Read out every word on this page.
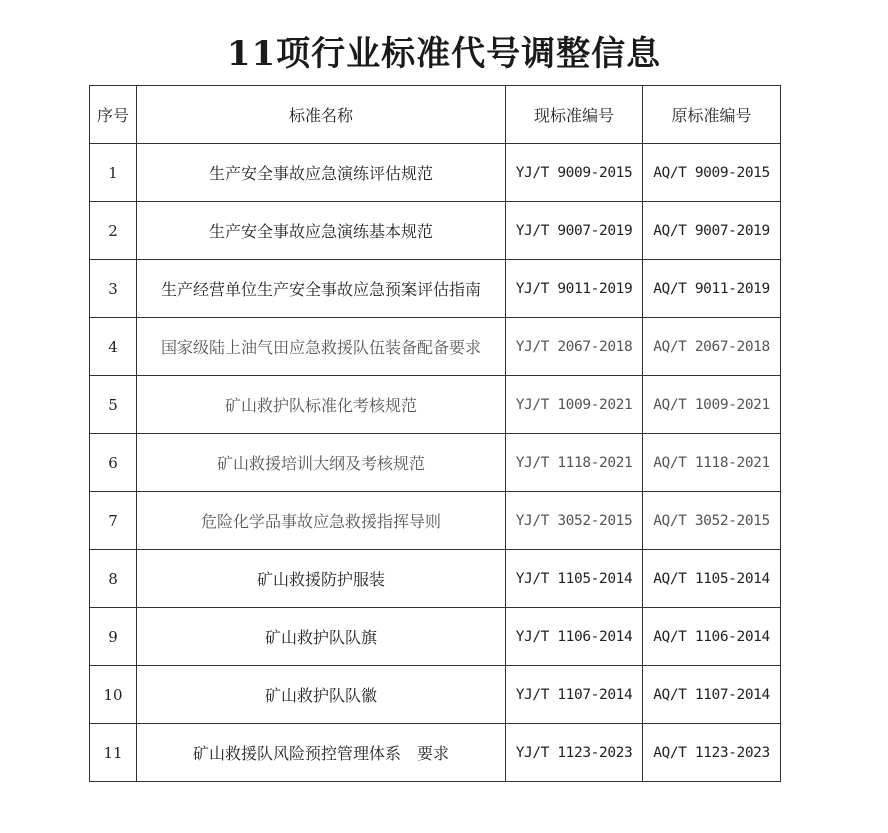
11项行业标准代号调整信息
序号	标准名称	现标准编号	原标准编号
1	生产安全事故应急演练评估规范	YJ/T 9009-2015	AQ/T 9009-2015
2	生产安全事故应急演练基本规范	YJ/T 9007-2019	AQ/T 9007-2019
3	生产经营单位生产安全事故应急预案评估指南	YJ/T 9011-2019	AQ/T 9011-2019
4	国家级陆上油气田应急救援队伍装备配备要求	YJ/T 2067-2018	AQ/T 2067-2018
5	矿山救护队标准化考核规范	YJ/T 1009-2021	AQ/T 1009-2021
6	矿山救援培训大纲及考核规范	YJ/T 1118-2021	AQ/T 1118-2021
7	危险化学品事故应急救援指挥导则	YJ/T 3052-2015	AQ/T 3052-2015
8	矿山救援防护服装	YJ/T 1105-2014	AQ/T 1105-2014
9	矿山救护队队旗	YJ/T 1106-2014	AQ/T 1106-2014
10	矿山救护队队徽	YJ/T 1107-2014	AQ/T 1107-2014
11	矿山救援队风险预控管理体系　要求	YJ/T 1123-2023	AQ/T 1123-2023
